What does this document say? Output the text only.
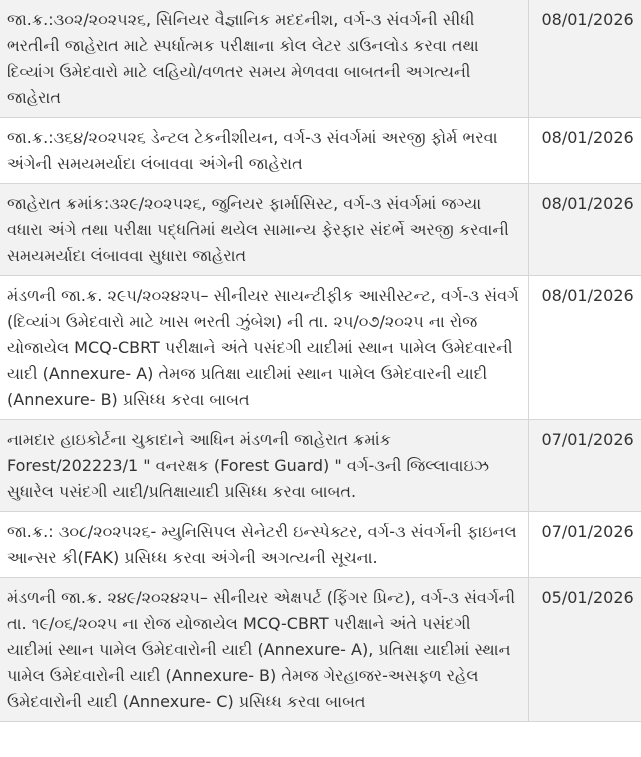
જા.ક્ર.:૩૦૨/૨૦૨૫૨૬, સિનિયર વૈજ્ઞાનિક મદદનીશ, વર્ગ-૩ સંવર્ગની સીધી ભરતીની જાહેરાત માટે સ્પર્ધાત્મક પરીક્ષાના કોલ લેટર ડાઉનલોડ કરવા તથા દિવ્યાંગ ઉમેદવારો માટે લહિયો/વળતર સમય મેળવવા બાબતની અગત્યની જાહેરાત	08/01/2026
જા.ક્ર.:૩૬૪/૨૦૨૫૨૬ ડેન્ટલ ટેકનીશીયન, વર્ગ-૩ સંવર્ગમાં અરજી ફોર્મ ભરવા અંગેની સમયમર્યાદા લંબાવવા અંગેની જાહેરાત	08/01/2026
જાહેરાત ક્રમાંક:૩૨૯/૨૦૨૫૨૬, જુનિયર ફાર્માસિસ્ટ, વર્ગ-૩ સંવર્ગમાં જગ્યા વધારા અંગે તથા પરીક્ષા પદ્ધતિમાં થયેલ સામાન્ય ફેરફાર સંદર્ભે અરજી કરવાની સમયમર્યાદા લંબાવવા સુધારા જાહેરાત	08/01/2026
મંડળની જા.ક્ર. ૨૯૫/૨૦૨૪૨૫– સીનીયર સાયન્ટીફીક આસીસ્ટન્ટ, વર્ગ-૩ સંવર્ગ (દિવ્યાંગ ઉમેદવારો માટે ખાસ ભરતી ઝુંબેશ) ની તા. ૨૫/૦૭/૨૦૨૫ ના રોજ યોજાયેલ MCQ-CBRT પરીક્ષાને અંતે પસંદગી યાદીમાં સ્થાન પામેલ ઉમેદવારની યાદી (Annexure- A) તેમજ પ્રતિક્ષા યાદીમાં સ્થાન પામેલ ઉમેદવારની યાદી (Annexure- B) પ્રસિધ્ધ કરવા બાબત	08/01/2026
નામદાર હાઇકોર્ટના ચુકાદાને આધિન મંડળની જાહેરાત ક્રમાંક Forest/202223/1 " વનરક્ષક (Forest Guard) " વર્ગ-૩ની જિલ્લાવાઇઝ સુધારેલ પસંદગી યાદી/પ્રતિક્ષાયાદી પ્રસિધ્ધ કરવા બાબત.	07/01/2026
જા.ક્ર.: ૩૦૮/૨૦૨૫૨૬- મ્યુનિસિપલ સેનેટરી ઇન્સ્પેક્ટર, વર્ગ-૩ સંવર્ગની ફાઇનલ આન્સર કી(FAK) પ્રસિધ્ધ કરવા અંગેની અગત્યની સૂચના.	07/01/2026
મંડળની જા.ક્ર. ૨૪૯/૨૦૨૪૨૫– સીનીયર એક્ષપર્ટ (ફિંગર પ્રિન્ટ), વર્ગ-૩ સંવર્ગની તા. ૧૯/૦૬/૨૦૨૫ ના રોજ યોજાયેલ MCQ-CBRT પરીક્ષાને અંતે પસંદગી યાદીમાં સ્થાન પામેલ ઉમેદવારોની યાદી (Annexure- A), પ્રતિક્ષા યાદીમાં સ્થાન પામેલ ઉમેદવારોની યાદી (Annexure- B) તેમજ ગેરહાજર-અસફળ રહેલ ઉમેદવારોની યાદી (Annexure- C) પ્રસિધ્ધ કરવા બાબત	05/01/2026
